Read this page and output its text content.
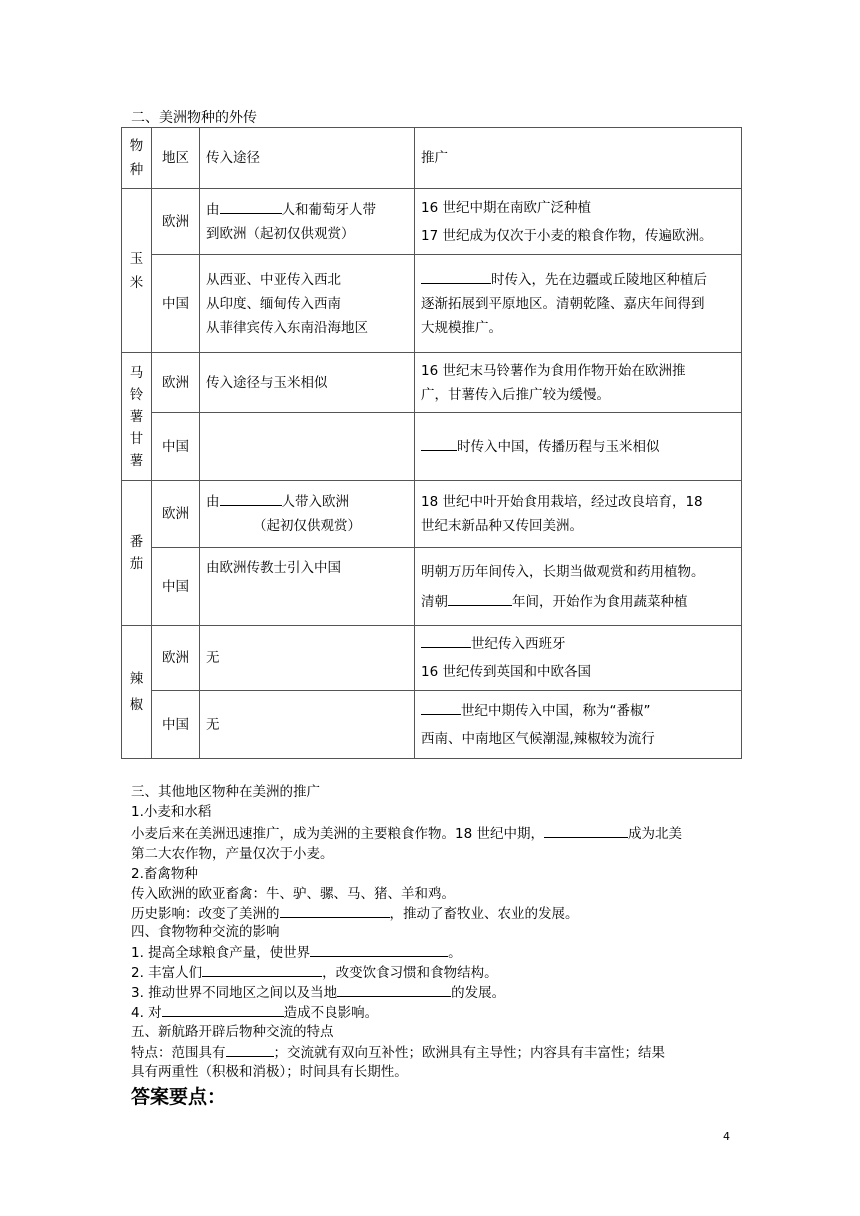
二、美洲物种的外传
物种	地区	传入途径	推广
玉米	欧洲	由 人和葡萄牙人带
到欧洲（起初仅供观赏）	16 世纪中期在南欧广泛种植
17 世纪成为仅次于小麦的粮食作物，传遍欧洲。

	中国	从西亚、中亚传入西北
从印度、缅甸传入西南
从菲律宾传入东南沿海地区	时传入，先在边疆或丘陵地区种植后
逐渐拓展到平原地区。清朝乾隆、嘉庆年间得到
大规模推广。

马铃薯甘薯	欧洲	传入途径与玉米相似	16 世纪末马铃薯作为食用作物开始在欧洲推
广，甘薯传入后推广较为缓慢。

	中国		时传入中国，传播历程与玉米相似

番茄	欧洲	由 人带入欧洲
（起初仅供观赏）	18 世纪中叶开始食用栽培，经过改良培育，18
世纪末新品种又传回美洲。

	中国	由欧洲传教士引入中国	明朝万历年间传入，长期当做观赏和药用植物。
清朝 年间，开始作为食用蔬菜种植

辣椒	欧洲	无	世纪传入西班牙
16 世纪传到英国和中欧各国

	中国	无	世纪中期传入中国，称为“番椒”
西南、中南地区气候潮湿,辣椒较为流行
三、其他地区物种在美洲的推广
1.小麦和水稻
小麦后来在美洲迅速推广，成为美洲的主要粮食作物。18 世纪中期，	成为北美
第二大农作物，产量仅次于小麦。
2.畜禽物种
传入欧洲的欧亚畜禽：牛、驴、骡、马、猪、羊和鸡。
历史影响：改变了美洲的	，推动了畜牧业、农业的发展。
四、食物物种交流的影响
1. 提高全球粮食产量，使世界	。
2. 丰富人们	，改变饮食习惯和食物结构。
3. 推动世界不同地区之间以及当地	的发展。
4. 对	造成不良影响。
五、新航路开辟后物种交流的特点
特点：范围具有	；交流就有双向互补性；欧洲具有主导性；内容具有丰富性；结果
具有两重性（积极和消极）；时间具有长期性。
答案要点：
4
